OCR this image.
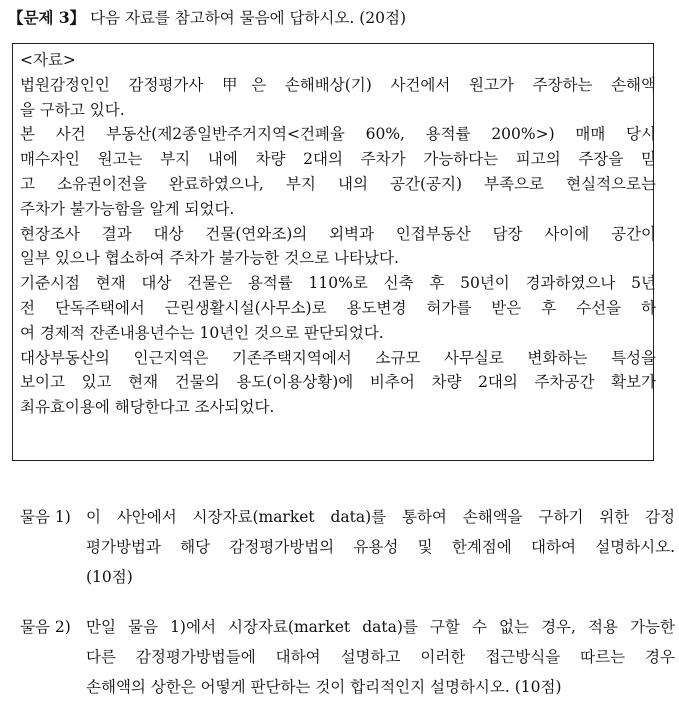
【문제 3】 다음 자료를 참고하여 물음에 답하시오. (20점)
<자료>
법원감정인인 감정평가사 甲은 손해배상(기) 사건에서 원고가 주장하는 손해액
을 구하고 있다.
본 사건 부동산(제2종일반주거지역<건폐율 60%, 용적률 200%>) 매매 당시
매수자인 원고는 부지 내에 차량 2대의 주차가 가능하다는 피고의 주장을 믿
고 소유권이전을 완료하였으나, 부지 내의 공간(공지) 부족으로 현실적으로는
주차가 불가능함을 알게 되었다.
현장조사 결과 대상 건물(연와조)의 외벽과 인접부동산 담장 사이에 공간이
일부 있으나 협소하여 주차가 불가능한 것으로 나타났다.
기준시점 현재 대상 건물은 용적률 110%로 신축 후 50년이 경과하였으나 5년
전 단독주택에서 근린생활시설(사무소)로 용도변경 허가를 받은 후 수선을 하
여 경제적 잔존내용년수는 10년인 것으로 판단되었다.
대상부동산의 인근지역은 기존주택지역에서 소규모 사무실로 변화하는 특성을
보이고 있고 현재 건물의 용도(이용상황)에 비추어 차량 2대의 주차공간 확보가
최유효이용에 해당한다고 조사되었다.
물음 1) 이 사안에서 시장자료(market data)를 통하여 손해액을 구하기 위한 감정
평가방법과 해당 감정평가방법의 유용성 및 한계점에 대하여 설명하시오.
(10점)
물음 2) 만일 물음 1)에서 시장자료(market data)를 구할 수 없는 경우, 적용 가능한
다른 감정평가방법들에 대하여 설명하고 이러한 접근방식을 따르는 경우
손해액의 상한은 어떻게 판단하는 것이 합리적인지 설명하시오. (10점)
